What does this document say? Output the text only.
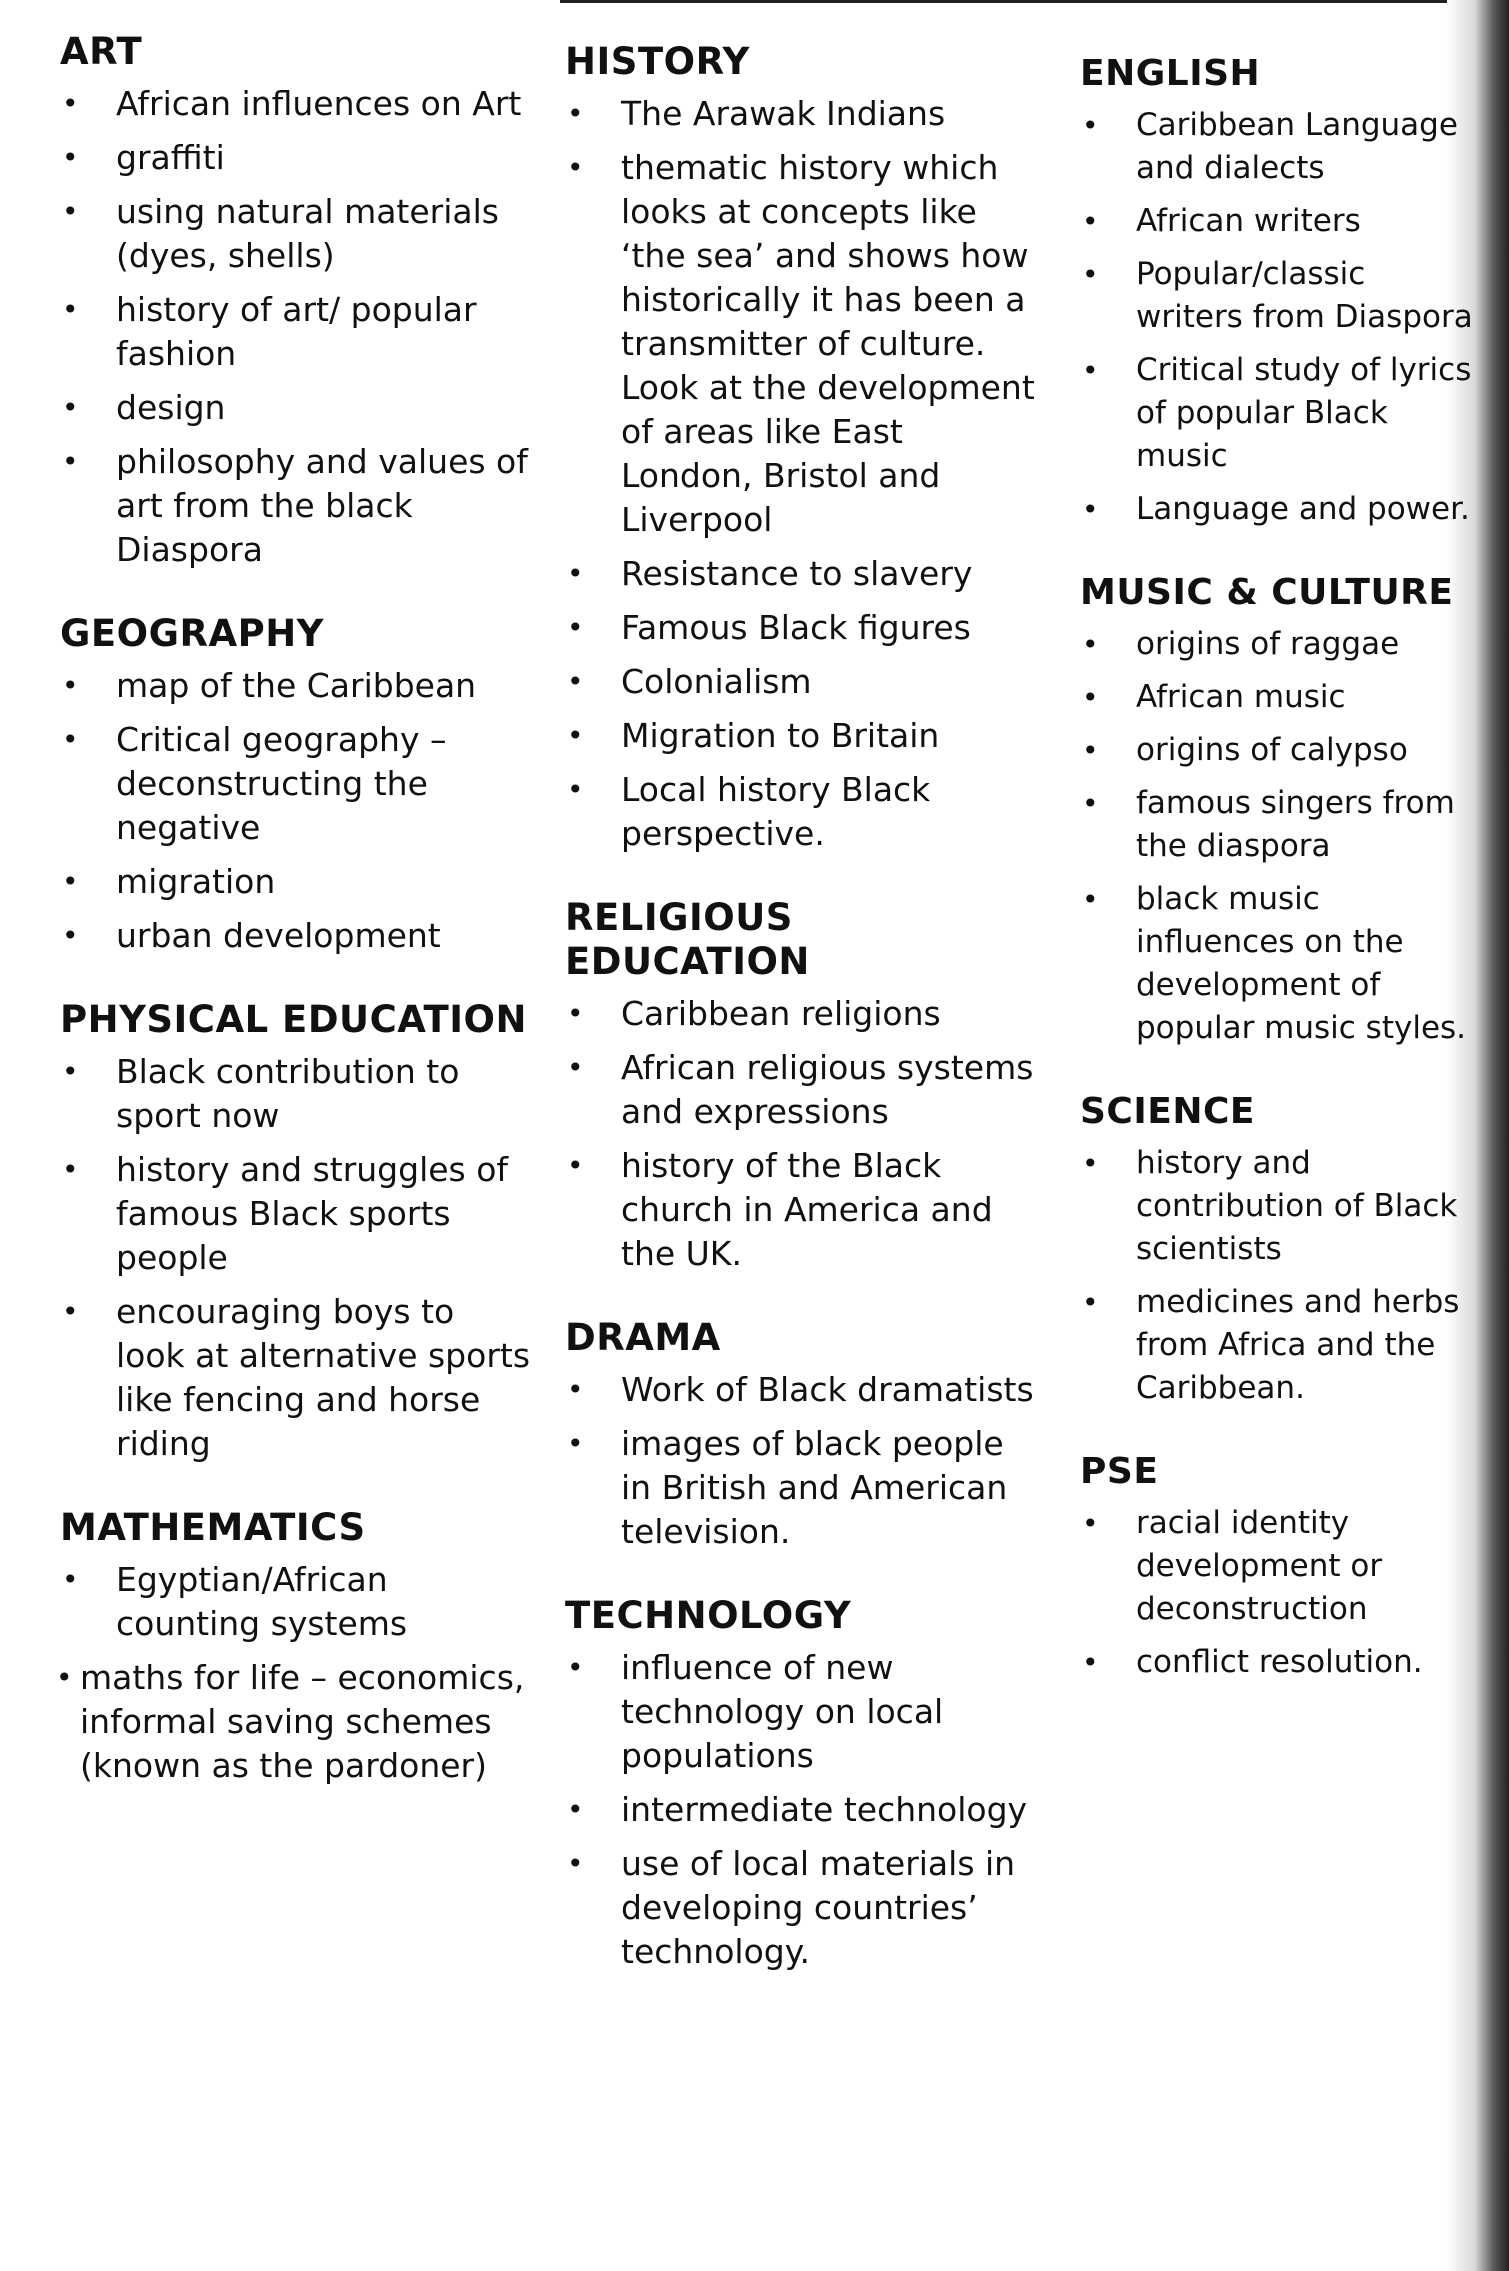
ART
• African influences on Art
• graffiti
• using natural materials (dyes, shells)
• history of art/ popular fashion
• design
• philosophy and values of art from the black Diaspora
GEOGRAPHY
• map of the Caribbean
• Critical geography – deconstructing the negative
• migration
• urban development
PHYSICAL EDUCATION
• Black contribution to sport now
• history and struggles of famous Black sports people
• encouraging boys to look at alternative sports like fencing and horse riding
MATHEMATICS
• Egyptian/African counting systems
• maths for life – economics, informal saving schemes (known as the pardoner)
HISTORY
• The Arawak Indians
• thematic history which looks at concepts like ‘the sea’ and shows how historically it has been a transmitter of culture. Look at the development of areas like East London, Bristol and Liverpool
• Resistance to slavery
• Famous Black figures
• Colonialism
• Migration to Britain
• Local history Black perspective.
RELIGIOUS EDUCATION
• Caribbean religions
• African religious systems and expressions
• history of the Black church in America and the UK.
DRAMA
• Work of Black dramatists
• images of black people in British and American television.
TECHNOLOGY
• influence of new technology on local populations
• intermediate technology
• use of local materials in developing countries’ technology.
ENGLISH
• Caribbean Language and dialects
• African writers
• Popular/classic writers from Diaspora
• Critical study of lyrics of popular Black music
• Language and power.
MUSIC & CULTURE
• origins of raggae
• African music
• origins of calypso
• famous singers from the diaspora
• black music influences on the development of popular music styles.
SCIENCE
• history and contribution of Black scientists
• medicines and herbs from Africa and the Caribbean.
PSE
• racial identity development or deconstruction
• conflict resolution.
